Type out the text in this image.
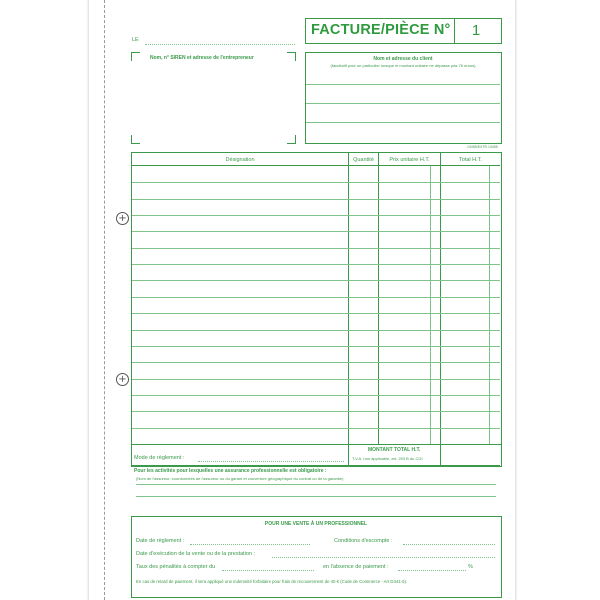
+
+
LE
Nom, n° SIREN et adresse de l'entrepreneur
FACTURE/PIÈCE N°	1
Nom et adresse du client
(facultatif pour un particulier lorsque le montant unitaire ne dépasse pas 76 euros)
13455/EXTR 13455
Désignation	Quantité	Prix unitaire H.T.	Total H.T.
MONTANT TOTAL H.T.
T.V.A. non applicable, art. 293 B du CGI
Mode de règlement :
Pour les activités pour lesquelles une assurance professionnelle est obligatoire :
(Nom de l'assureur, coordonnées de l'assureur ou du garant et couverture géographique du contrat ou de la garantie)
POUR UNE VENTE À UN PROFESSIONNEL
Date de règlement :	Conditions d'escompte :
Date d'exécution de la vente ou de la prestation :
Taux des pénalités à compter du	en l'absence de paiement :	%
En cas de retard de paiement, il sera appliqué une indemnité forfaitaire pour frais de recouvrement de 40 € (Code de Commerce - Art D441-5).
